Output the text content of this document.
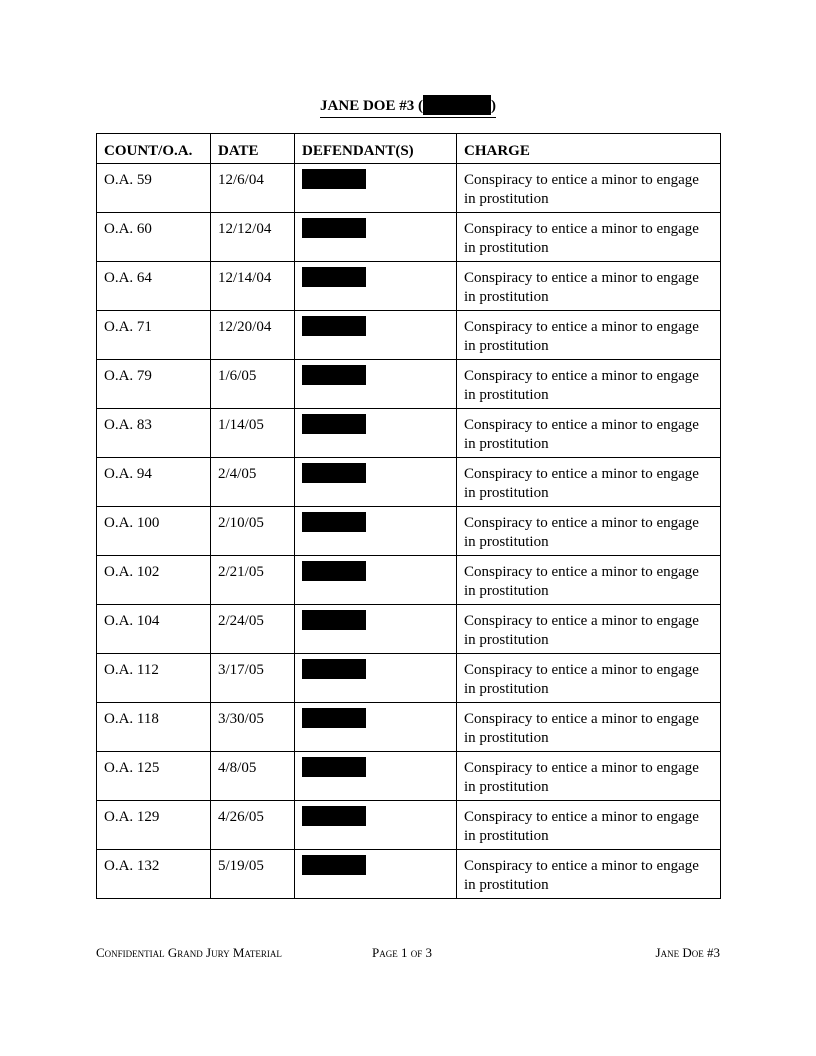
JANE DOE #3 (	)
COUNT/O.A.	DATE	DEFENDANT(S)	CHARGE
O.A. 59	12/6/04		Conspiracy to entice a minor to engage in prostitution
O.A. 60	12/12/04		Conspiracy to entice a minor to engage in prostitution
O.A. 64	12/14/04		Conspiracy to entice a minor to engage in prostitution
O.A. 71	12/20/04		Conspiracy to entice a minor to engage in prostitution
O.A. 79	1/6/05		Conspiracy to entice a minor to engage in prostitution
O.A. 83	1/14/05		Conspiracy to entice a minor to engage in prostitution
O.A. 94	2/4/05		Conspiracy to entice a minor to engage in prostitution
O.A. 100	2/10/05		Conspiracy to entice a minor to engage in prostitution
O.A. 102	2/21/05		Conspiracy to entice a minor to engage in prostitution
O.A. 104	2/24/05		Conspiracy to entice a minor to engage in prostitution
O.A. 112	3/17/05		Conspiracy to entice a minor to engage in prostitution
O.A. 118	3/30/05		Conspiracy to entice a minor to engage in prostitution
O.A. 125	4/8/05		Conspiracy to entice a minor to engage in prostitution
O.A. 129	4/26/05		Conspiracy to entice a minor to engage in prostitution
O.A. 132	5/19/05		Conspiracy to entice a minor to engage in prostitution
Confidential Grand Jury Material	Page 1 of 3	Jane Doe #3
